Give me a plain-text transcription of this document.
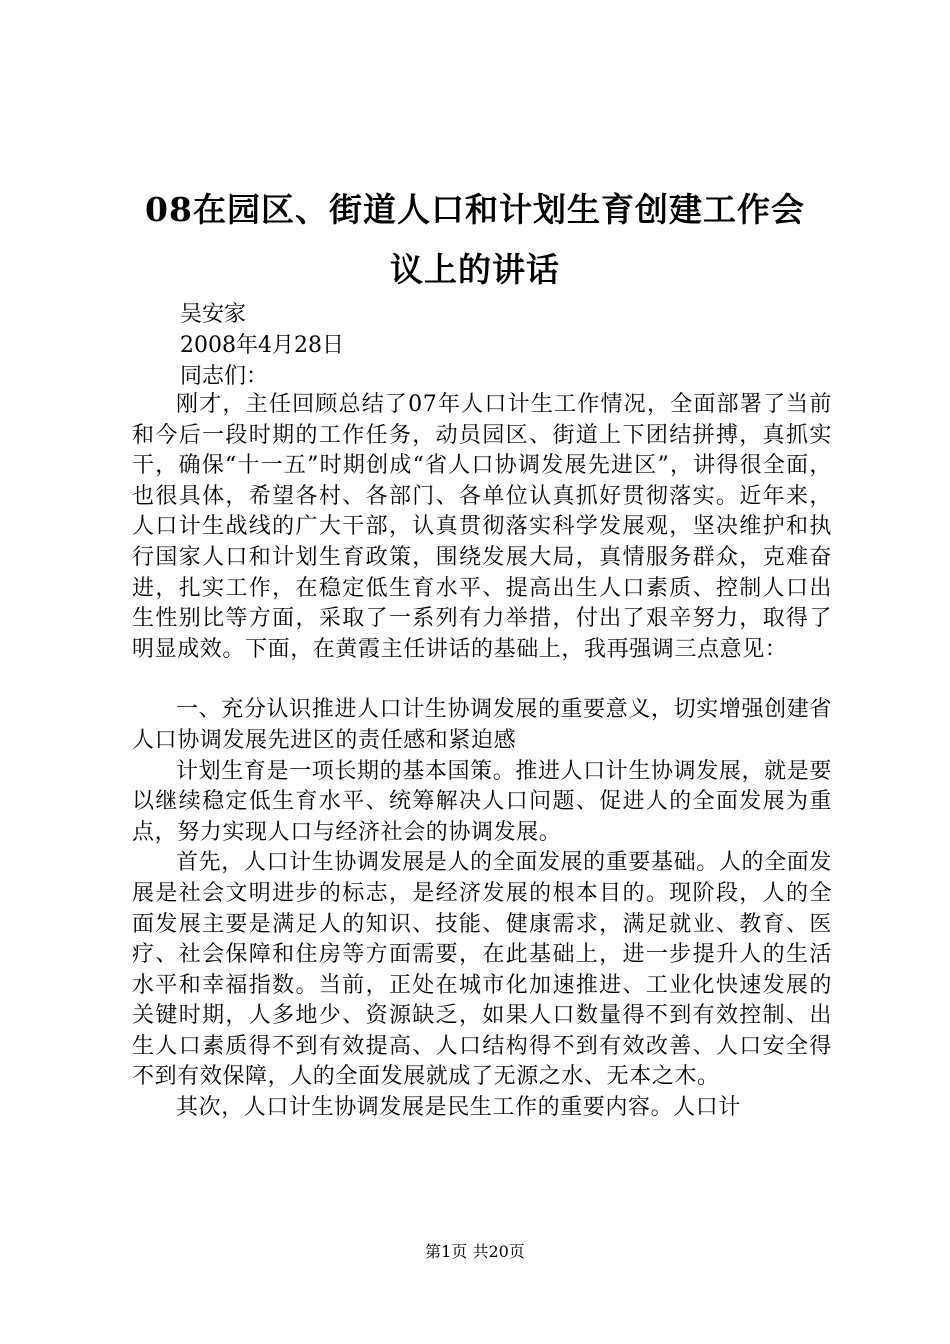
08在园区、街道人口和计划生育创建工作会
议上的讲话
吴安家
2008年4月28日
同志们：

刚才，主任回顾总结了07年人口计生工作情况，全面部署了当前和今后一段时期的工作任务，动员园区、街道上下团结拼搏，真抓实干，确保“十一五”时期创成“省人口协调发展先进区”，讲得很全面，也很具体，希望各村、各部门、各单位认真抓好贯彻落实。近年来，人口计生战线的广大干部，认真贯彻落实科学发展观，坚决维护和执行国家人口和计划生育政策，围绕发展大局，真情服务群众，克难奋进，扎实工作，在稳定低生育水平、提高出生人口素质、控制人口出生性别比等方面，采取了一系列有力举措，付出了艰辛努力，取得了明显成效。下面，在黄霞主任讲话的基础上，我再强调三点意见：

一、充分认识推进人口计生协调发展的重要意义，切实增强创建省人口协调发展先进区的责任感和紧迫感

计划生育是一项长期的基本国策。推进人口计生协调发展，就是要以继续稳定低生育水平、统筹解决人口问题、促进人的全面发展为重点，努力实现人口与经济社会的协调发展。

首先，人口计生协调发展是人的全面发展的重要基础。人的全面发展是社会文明进步的标志，是经济发展的根本目的。现阶段，人的全面发展主要是满足人的知识、技能、健康需求，满足就业、教育、医疗、社会保障和住房等方面需要，在此基础上，进一步提升人的生活水平和幸福指数。当前，正处在城市化加速推进、工业化快速发展的关键时期，人多地少、资源缺乏，如果人口数量得不到有效控制、出生人口素质得不到有效提高、人口结构得不到有效改善、人口安全得不到有效保障，人的全面发展就成了无源之水、无本之木。

其次，人口计生协调发展是民生工作的重要内容。人口计

第1页 共20页
